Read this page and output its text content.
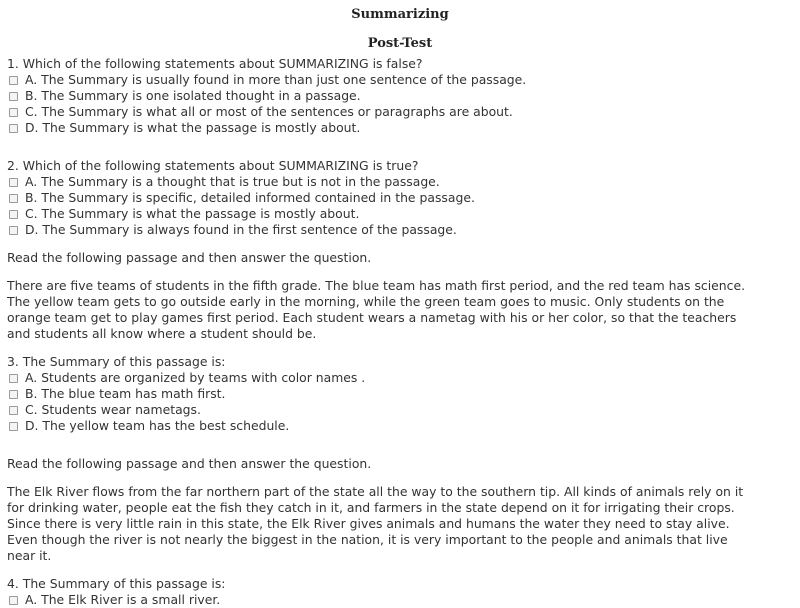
Summarizing
Post-Test

1. Which of the following statements about SUMMARIZING is false?

A. The Summary is usually found in more than just one sentence of the passage.
B. The Summary is one isolated thought in a passage.
C. The Summary is what all or most of the sentences or paragraphs are about.
D. The Summary is what the passage is mostly about.

2. Which of the following statements about SUMMARIZING is true?

A. The Summary is a thought that is true but is not in the passage.
B. The Summary is specific, detailed informed contained in the passage.
C. The Summary is what the passage is mostly about.
D. The Summary is always found in the first sentence of the passage.

Read the following passage and then answer the question.

There are five teams of students in the fifth grade. The blue team has math first period, and the red team has science.
The yellow team gets to go outside early in the morning, while the green team goes to music. Only students on the
orange team get to play games first period. Each student wears a nametag with his or her color, so that the teachers
and students all know where a student should be.

3. The Summary of this passage is:

A. Students are organized by teams with color names .
B. The blue team has math first.
C. Students wear nametags.
D. The yellow team has the best schedule.

Read the following passage and then answer the question.

The Elk River flows from the far northern part of the state all the way to the southern tip. All kinds of animals rely on it
for drinking water, people eat the fish they catch in it, and farmers in the state depend on it for irrigating their crops.
Since there is very little rain in this state, the Elk River gives animals and humans the water they need to stay alive.
Even though the river is not nearly the biggest in the nation, it is very important to the people and animals that live
near it.

4. The Summary of this passage is:

A. The Elk River is a small river.
